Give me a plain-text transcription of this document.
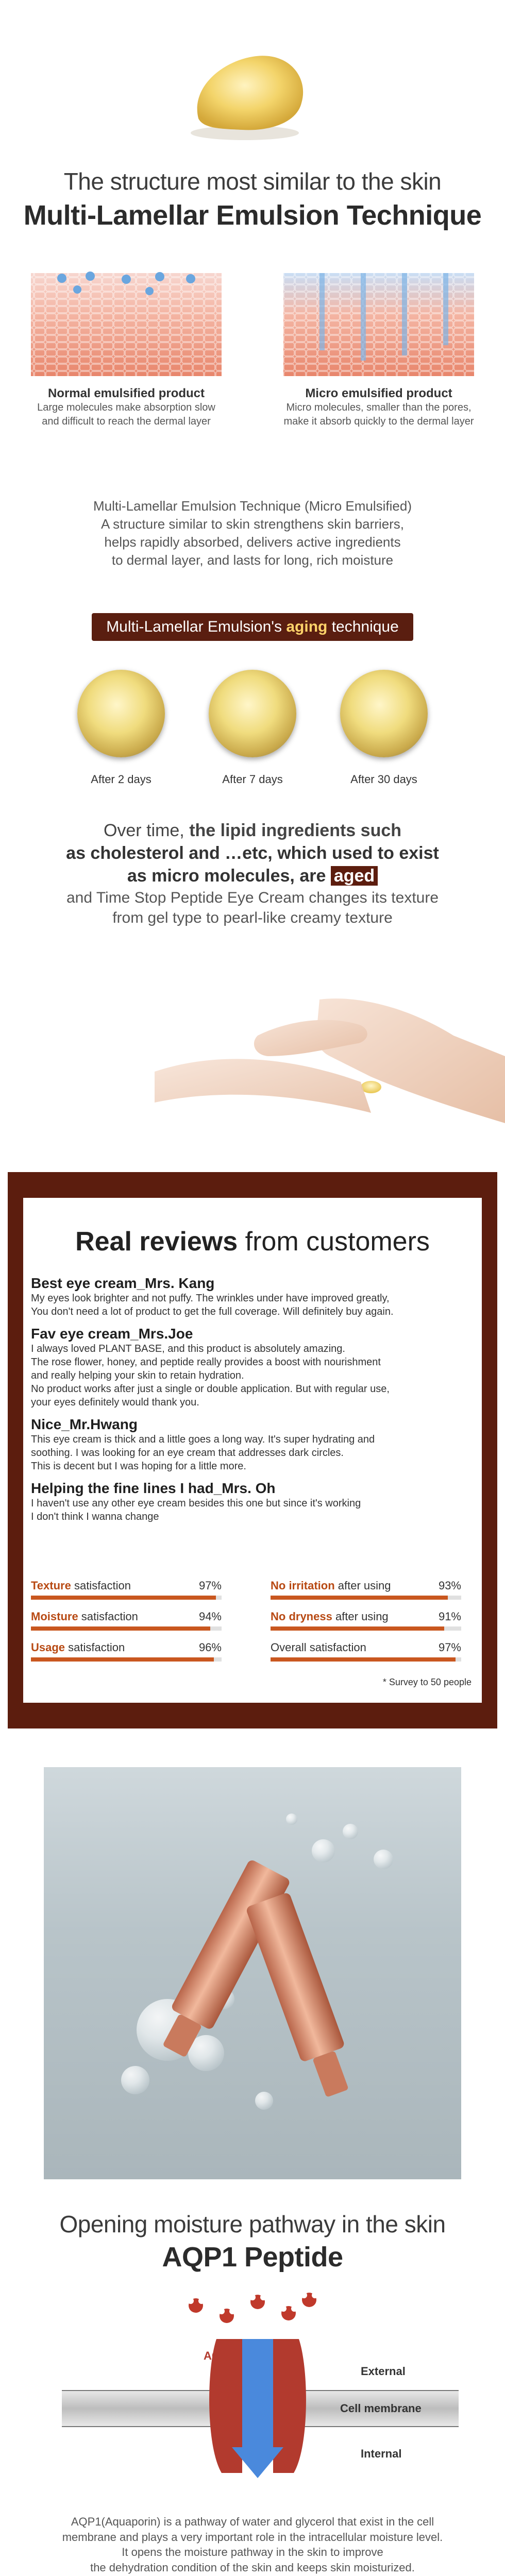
The structure most similar to the skin
Multi-Lamellar Emulsion Technique
Normal emulsified product
Large molecules make absorption slow
and difficult to reach the dermal layer
Micro emulsified product
Micro molecules, smaller than the pores,
make it absorb quickly to the dermal layer
Multi-Lamellar Emulsion Technique (Micro Emulsified)
A structure similar to skin strengthens skin barriers,
helps rapidly absorbed, delivers active ingredients
to dermal layer, and lasts for long, rich moisture
Multi-Lamellar Emulsion's aging technique
After 2 days	After 7 days	After 30 days
Over time, the lipid ingredients such
as cholesterol and …etc, which used to exist
as micro molecules, are aged
and Time Stop Peptide Eye Cream changes its texture
from gel type to pearl-like creamy texture
Real reviews from customers
Best eye cream_Mrs. Kang
My eyes look brighter and not puffy. The wrinkles under have improved greatly,
You don't need a lot of product to get the full coverage. Will definitely buy again.
Fav eye cream_Mrs.Joe
I always loved PLANT BASE, and this product is absolutely amazing.
The rose flower, honey, and peptide really provides a boost with nourishment
and really helping your skin to retain hydration.
No product works after just a single or double application. But with regular use,
your eyes definitely would thank you.
Nice_Mr.Hwang
This eye cream is thick and a little goes a long way. It's super hydrating and
soothing. I was looking for an eye cream that addresses dark circles.
This is decent but I was hoping for a little more.
Helping the fine lines I had_Mrs. Oh
I haven't use any other eye cream besides this one but since it's working
I don't think I wanna change
Texture satisfaction	97%	No irritation after using	93%
Moisture satisfaction	94%	No dryness after using	91%
Usage satisfaction	96%	Overall satisfaction	97%
* Survey to 50 people
Opening moisture pathway in the skin
AQP1 Peptide
AQP
External
Cell membrane
Internal
AQP1(Aquaporin) is a pathway of water and glycerol that exist in the cell
membrane and plays a very important role in the intracellular moisture level.
It opens the moisture pathway in the skin to improve
the dehydration condition of the skin and keeps skin moisturized.
